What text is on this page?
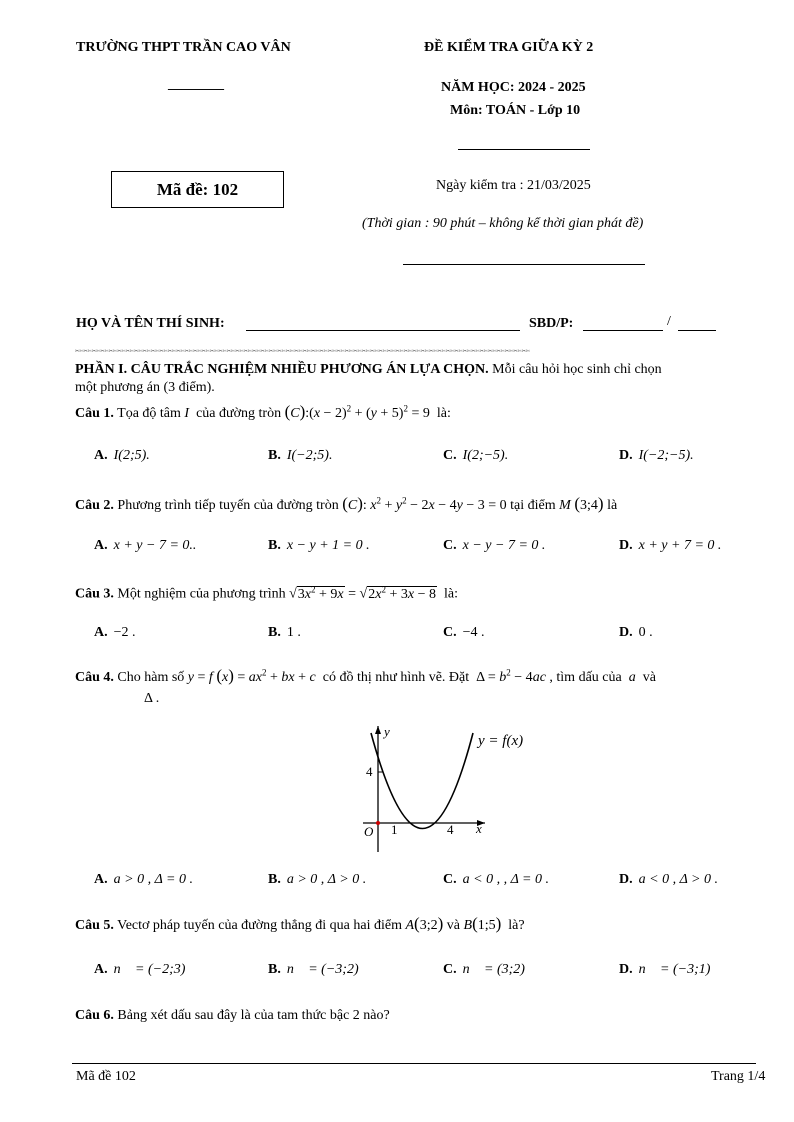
TRƯỜNG THPT TRẦN CAO VÂN
________
ĐỀ KIỂM TRA GIỮA KỲ 2
NĂM HỌC: 2024 - 2025
Môn: TOÁN - Lớp 10
Mã đề: 102	Ngày kiểm tra : 21/03/2025
(Thời gian : 90 phút – không kể thời gian phát đề)
HỌ VÀ TÊN THÍ SINH:	SBD/P:	/
✂✄✂✄✂✄✂✄✂✄✂✄✂✄✂✄✂✄✂✄✂✄✂✄✂✄✂✄✂✄✂✄✂✄✂✄✂✄✂✄✂✄✂✄✂✄✂✄✂✄✂✄✂✄✂✄✂✄✂✄✂✄✂✄✂✄✂✄✂✄✂✄✂✄✂✄✂✄✂✄✂✄✂✄✂✄✂✄✂✄✂✄✂✄✂✄✂✄✂✄✂✄✂✄✂✄✂✄
PHẦN I. CÂU TRẮC NGHIỆM NHIỀU PHƯƠNG ÁN LỰA CHỌN. Mỗi câu hỏi học sinh chỉ chọn
một phương án (3 điểm).
Câu 1. Tọa độ tâm I  của đường tròn (C):(x − $2)^2 + (y + 5)^2 = 9$  là:
A. I(2;5).	B. I(−2;5).	C. I(2;−5).	D. I(−2;−5).
Câu 2. Phương trình tiếp tuyến của đường tròn (C): $x^2 + y^2 - 2x - 4y - 3 = 0$ tại điểm M (3;4) là
A. x + y − 7 = 0..	B. x − y + 1 = 0 .	C. x − y − 7 = 0 .	D. x + y + 7 = 0 .
Câu 3. Một nghiệm của phương trình $√3x^2 + 9x = √2x^2 + 3x - 8$  là:
A. −2 .	B. 1 .	C. −4 .	D. 0 .
Câu 4. Cho hàm số y = f $(x) = ax^2$ + bx + c  có đồ thị như hình vẽ. Đặt  $\Delta = b^2 - 4ac$ , tìm dấu của  a  và
Δ .
y
x
O 1	4
4
y = f(x)
A. a > 0 , Δ = 0 .	B. a > 0 , Δ > 0 .	C. a < 0 , , Δ = 0 .	D. a < 0 , Δ > 0 .
Câu 5. Vectơ pháp tuyến của đường thẳng đi qua hai điểm A(3;2) và B(1;5)  là?
A. n⃗ = (−2;3)	B. n⃗ = (−3;2)	C. n⃗ = (3;2)	D. n⃗ = (−3;1)
Câu 6. Bảng xét dấu sau đây là của tam thức bậc 2 nào?
Mã đề 102	Trang 1/4
